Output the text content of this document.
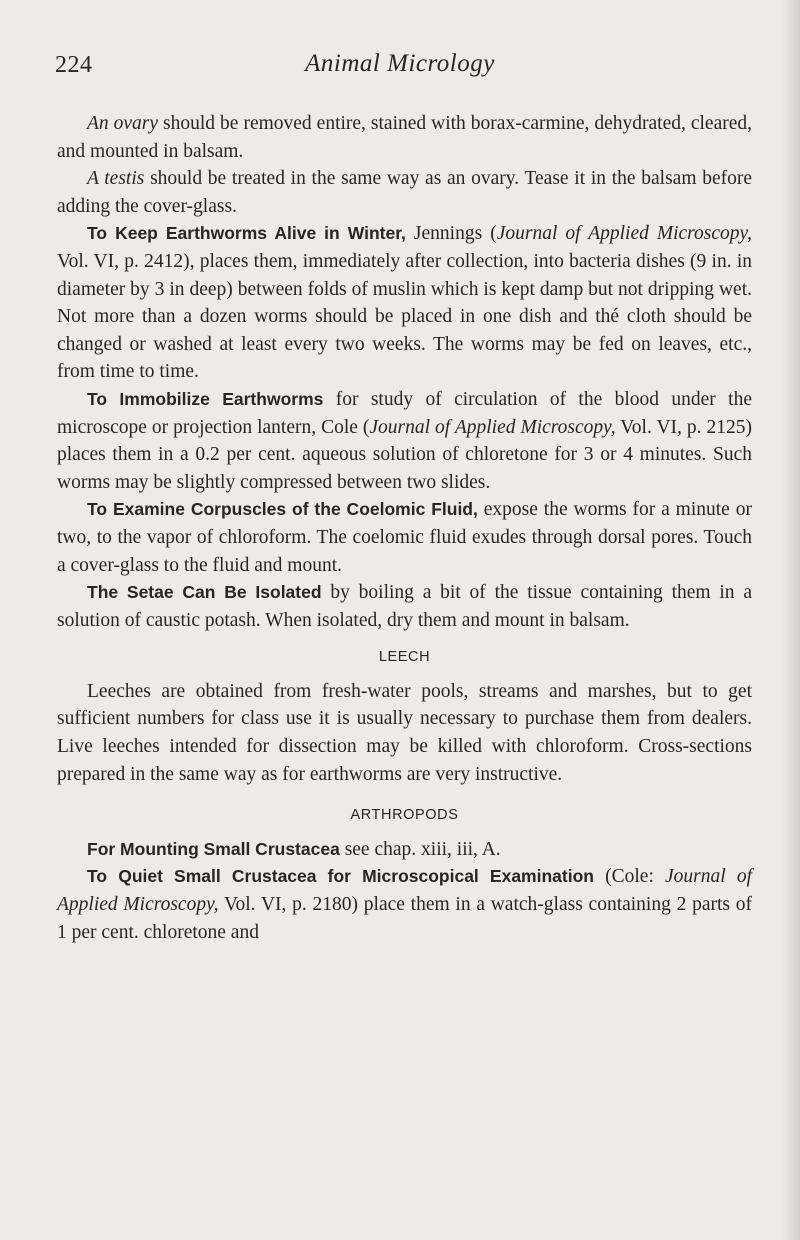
224	Animal Micrology

An ovary should be removed entire, stained with borax-carmine, dehydrated, cleared, and mounted in balsam.

A testis should be treated in the same way as an ovary. Tease it in the balsam before adding the cover-glass.

To Keep Earthworms Alive in Winter, Jennings (Journal of Applied Microscopy, Vol. VI, p. 2412), places them, immediately after collection, into bacteria dishes (9 in. in diameter by 3 in deep) between folds of muslin which is kept damp but not dripping wet. Not more than a dozen worms should be placed in one dish and thé cloth should be changed or washed at least every two weeks. The worms may be fed on leaves, etc., from time to time.

To Immobilize Earthworms for study of circulation of the blood under the microscope or projection lantern, Cole (Journal of Applied Microscopy, Vol. VI, p. 2125) places them in a 0.2 per cent. aqueous solution of chloretone for 3 or 4 minutes. Such worms may be slightly compressed between two slides.

To Examine Corpuscles of the Coelomic Fluid, expose the worms for a minute or two, to the vapor of chloroform. The coelomic fluid exudes through dorsal pores. Touch a cover-glass to the fluid and mount.

The Setae Can Be Isolated by boiling a bit of the tissue containing them in a solution of caustic potash. When isolated, dry them and mount in balsam.

LEECH

Leeches are obtained from fresh-water pools, streams and marshes, but to get sufficient numbers for class use it is usually necessary to purchase them from dealers. Live leeches intended for dissection may be killed with chloroform. Cross-sections prepared in the same way as for earthworms are very instructive.

ARTHROPODS

For Mounting Small Crustacea see chap. xiii, iii, A.

To Quiet Small Crustacea for Microscopical Examination (Cole: Journal of Applied Microscopy, Vol. VI, p. 2180) place them in a watch-glass containing 2 parts of 1 per cent. chloretone and
